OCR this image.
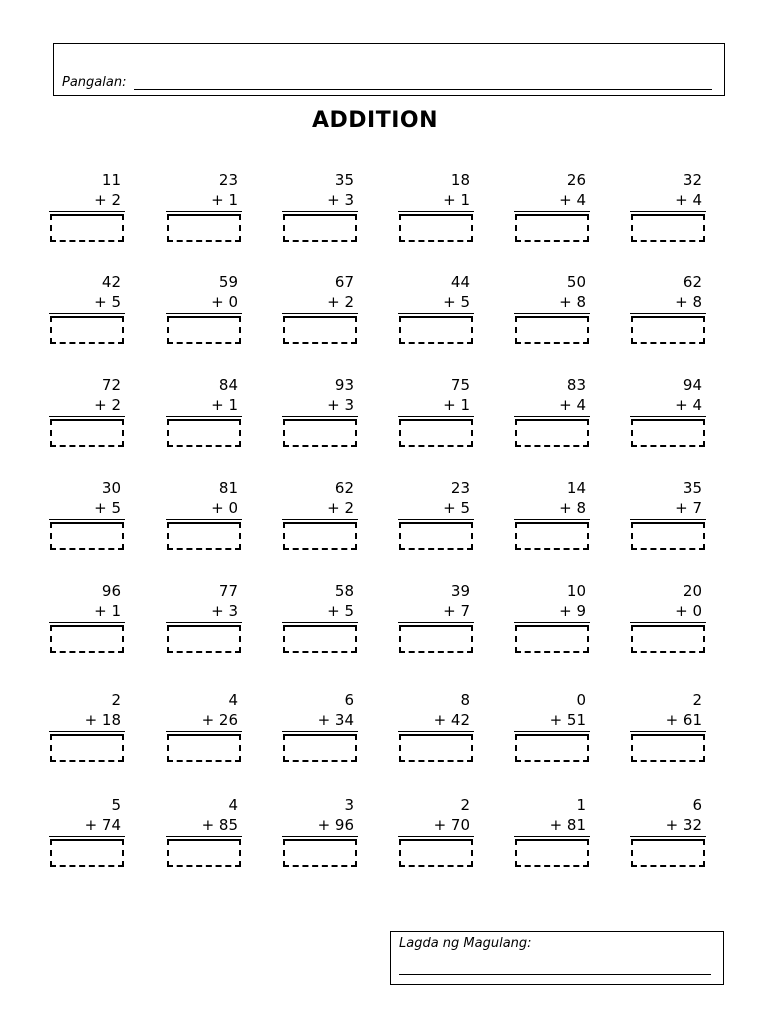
Pangalan:
ADDITION
11
+ 2
23
+ 1
35
+ 3
18
+ 1
26
+ 4
32
+ 4
42
+ 5
59
+ 0
67
+ 2
44
+ 5
50
+ 8
62
+ 8
72
+ 2
84
+ 1
93
+ 3
75
+ 1
83
+ 4
94
+ 4
30
+ 5
81
+ 0
62
+ 2
23
+ 5
14
+ 8
35
+ 7
96
+ 1
77
+ 3
58
+ 5
39
+ 7
10
+ 9
20
+ 0
2
+ 18
4
+ 26
6
+ 34
8
+ 42
0
+ 51
2
+ 61
5
+ 74
4
+ 85
3
+ 96
2
+ 70
1
+ 81
6
+ 32
Lagda ng Magulang:
